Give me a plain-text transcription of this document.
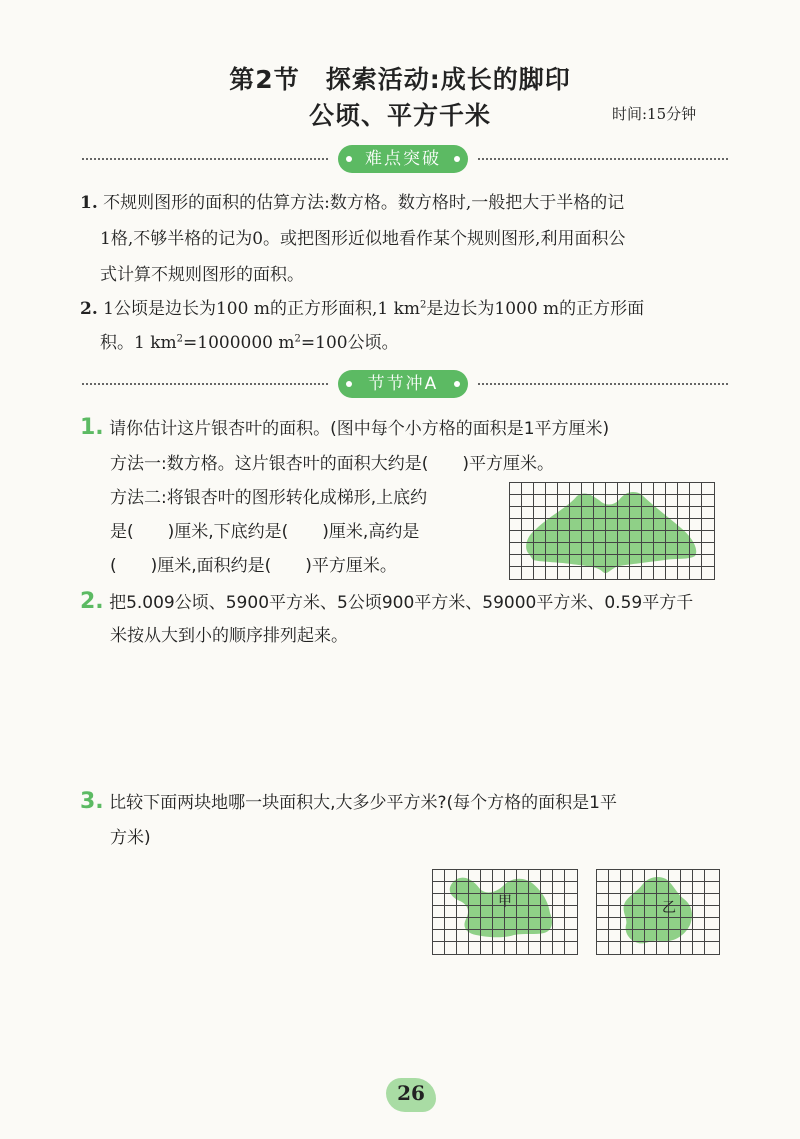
第2节　探索活动:成长的脚印
公顷、平方千米	时间:15分钟
难点突破
1. 不规则图形的面积的估算方法:数方格。数方格时,一般把大于半格的记
1格,不够半格的记为0。或把图形近似地看作某个规则图形,利用面积公
式计算不规则图形的面积。
2. 1公顷是边长为100 m的正方形面积,1 $km^2$是边长为1000 m的正方形面
积。1 $km^2=1000000$ $m^2=100$公顷。
节节冲A
1. 请你估计这片银杏叶的面积。(图中每个小方格的面积是1平方厘米)
方法一:数方格。这片银杏叶的面积大约是(　　)平方厘米。
方法二:将银杏叶的图形转化成梯形,上底约
是(　　)厘米,下底约是(　　)厘米,高约是
(　　)厘米,面积约是(　　)平方厘米。
2. 把5.009公顷、5900平方米、5公顷900平方米、59000平方米、0.59平方千
米按从大到小的顺序排列起来。
3. 比较下面两块地哪一块面积大,大多少平方米?(每个方格的面积是1平
方米)
甲	乙
26
